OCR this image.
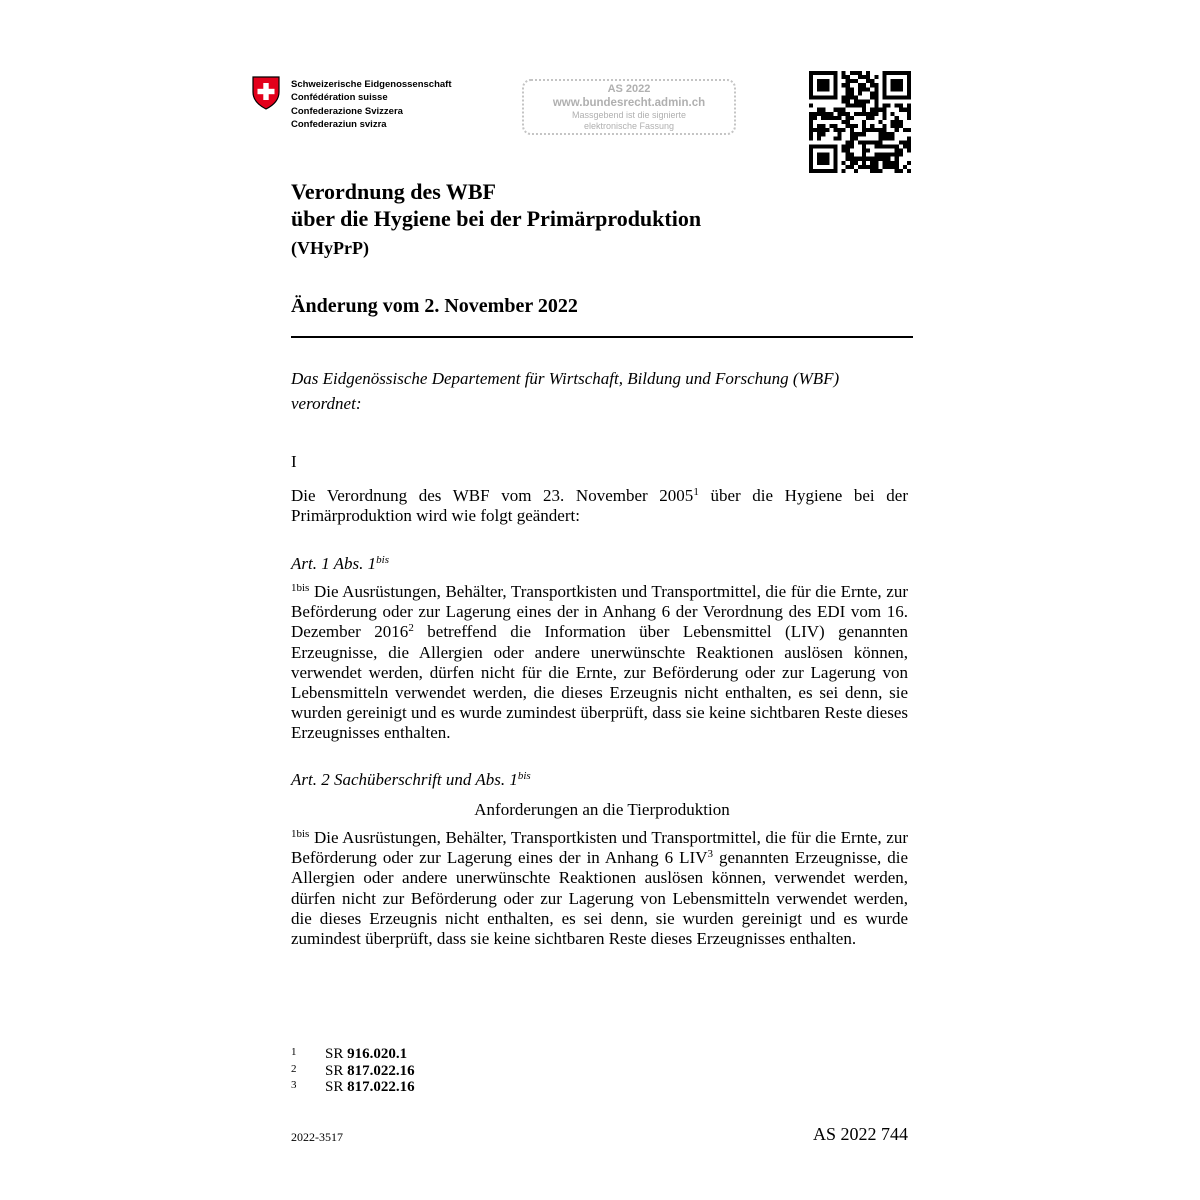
Schweizerische Eidgenossenschaft
Confédération suisse
Confederazione Svizzera
Confederaziun svizra
AS 2022
www.bundesrecht.admin.ch
Massgebend ist die signierte
elektronische Fassung
Verordnung des WBF
über die Hygiene bei der Primärproduktion
(VHyPrP)
Änderung vom 2. November 2022
Das Eidgenössische Departement für Wirtschaft, Bildung und Forschung (WBF)
verordnet:
I
Die Verordnung des WBF vom 23. November 2005$^1$ über die Hygiene bei der Primärproduktion wird wie folgt geändert:
Art. 1 Abs. $1^{bis}$
$^{1bis}$ Die Ausrüstungen, Behälter, Transportkisten und Transportmittel, die für die Ernte, zur Beförderung oder zur Lagerung eines der in Anhang 6 der Verordnung des EDI vom 16. Dezember 2016$^2$ betreffend die Information über Lebensmittel (LIV) genannten Erzeugnisse, die Allergien oder andere unerwünschte Reaktionen auslösen können, verwendet werden, dürfen nicht für die Ernte, zur Beförderung oder zur Lagerung von Lebensmitteln verwendet werden, die dieses Erzeugnis nicht enthalten, es sei denn, sie wurden gereinigt und es wurde zumindest überprüft, dass sie keine sichtbaren Reste dieses Erzeugnisses enthalten.
Art. 2 Sachüberschrift und Abs. $1^{bis}$
Anforderungen an die Tierproduktion
$^{1bis}$ Die Ausrüstungen, Behälter, Transportkisten und Transportmittel, die für die Ernte, zur Beförderung oder zur Lagerung eines der in Anhang 6 LIV$^3$ genannten Erzeugnisse, die Allergien oder andere unerwünschte Reaktionen auslösen können, verwendet werden, dürfen nicht zur Beförderung oder zur Lagerung von Lebensmitteln verwendet werden, die dieses Erzeugnis nicht enthalten, es sei denn, sie wurden gereinigt und es wurde zumindest überprüft, dass sie keine sichtbaren Reste dieses Erzeugnisses enthalten.
1	SR 916.020.1
2	SR 817.022.16
3	SR 817.022.16
2022-3517	AS 2022 744
